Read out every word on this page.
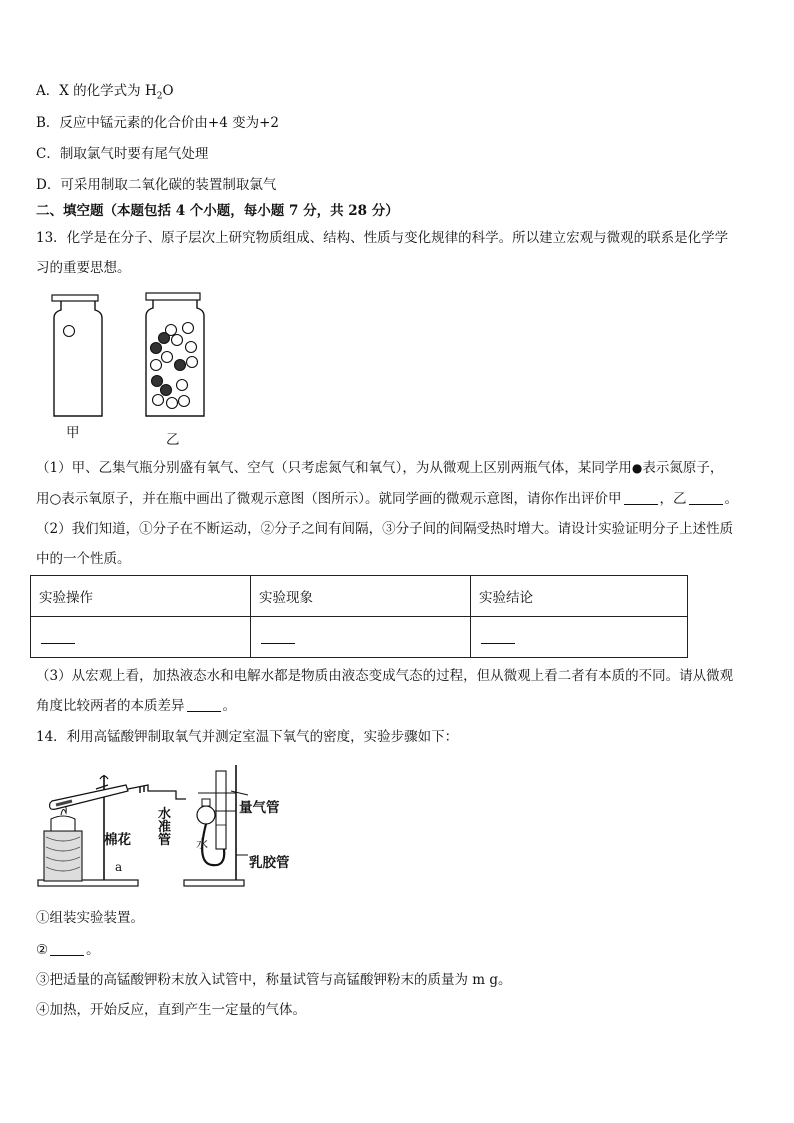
A．X 的化学式为 $H_2O$
B．反应中锰元素的化合价由+4 变为+2
C．制取氯气时要有尾气处理
D．可采用制取二氧化碳的装置制取氯气
二、填空题（本题包括 4 个小题，每小题 7 分，共 28 分）
13．化学是在分子、原子层次上研究物质组成、结构、性质与变化规律的科学。所以建立宏观与微观的联系是化学学
习的重要思想。
甲	乙
（1）甲、乙集气瓶分别盛有氧气、空气（只考虑氮气和氧气），为从微观上区别两瓶气体，某同学用●表示氮原子，
用○表示氧原子，并在瓶中画出了微观示意图（图所示）。就同学画的微观示意图，请你作出评价甲	，乙	。
（2）我们知道，①分子在不断运动，②分子之间有间隔，③分子间的间隔受热时增大。请设计实验证明分子上述性质
中的一个性质。
实验操作	实验现象	实验结论

（3）从宏观上看，加热液态水和电解水都是物质由液态变成气态的过程，但从微观上看二者有本质的不同。请从微观
角度比较两者的本质差异	。
14．利用高锰酸钾制取氧气并测定室温下氧气的密度，实验步骤如下：
量气管
棉花
a
水准管 水
乳胶管
①组装实验装置。
②	。
③把适量的高锰酸钾粉末放入试管中，称量试管与高锰酸钾粉末的质量为 m g。
④加热，开始反应，直到产生一定量的气体。
